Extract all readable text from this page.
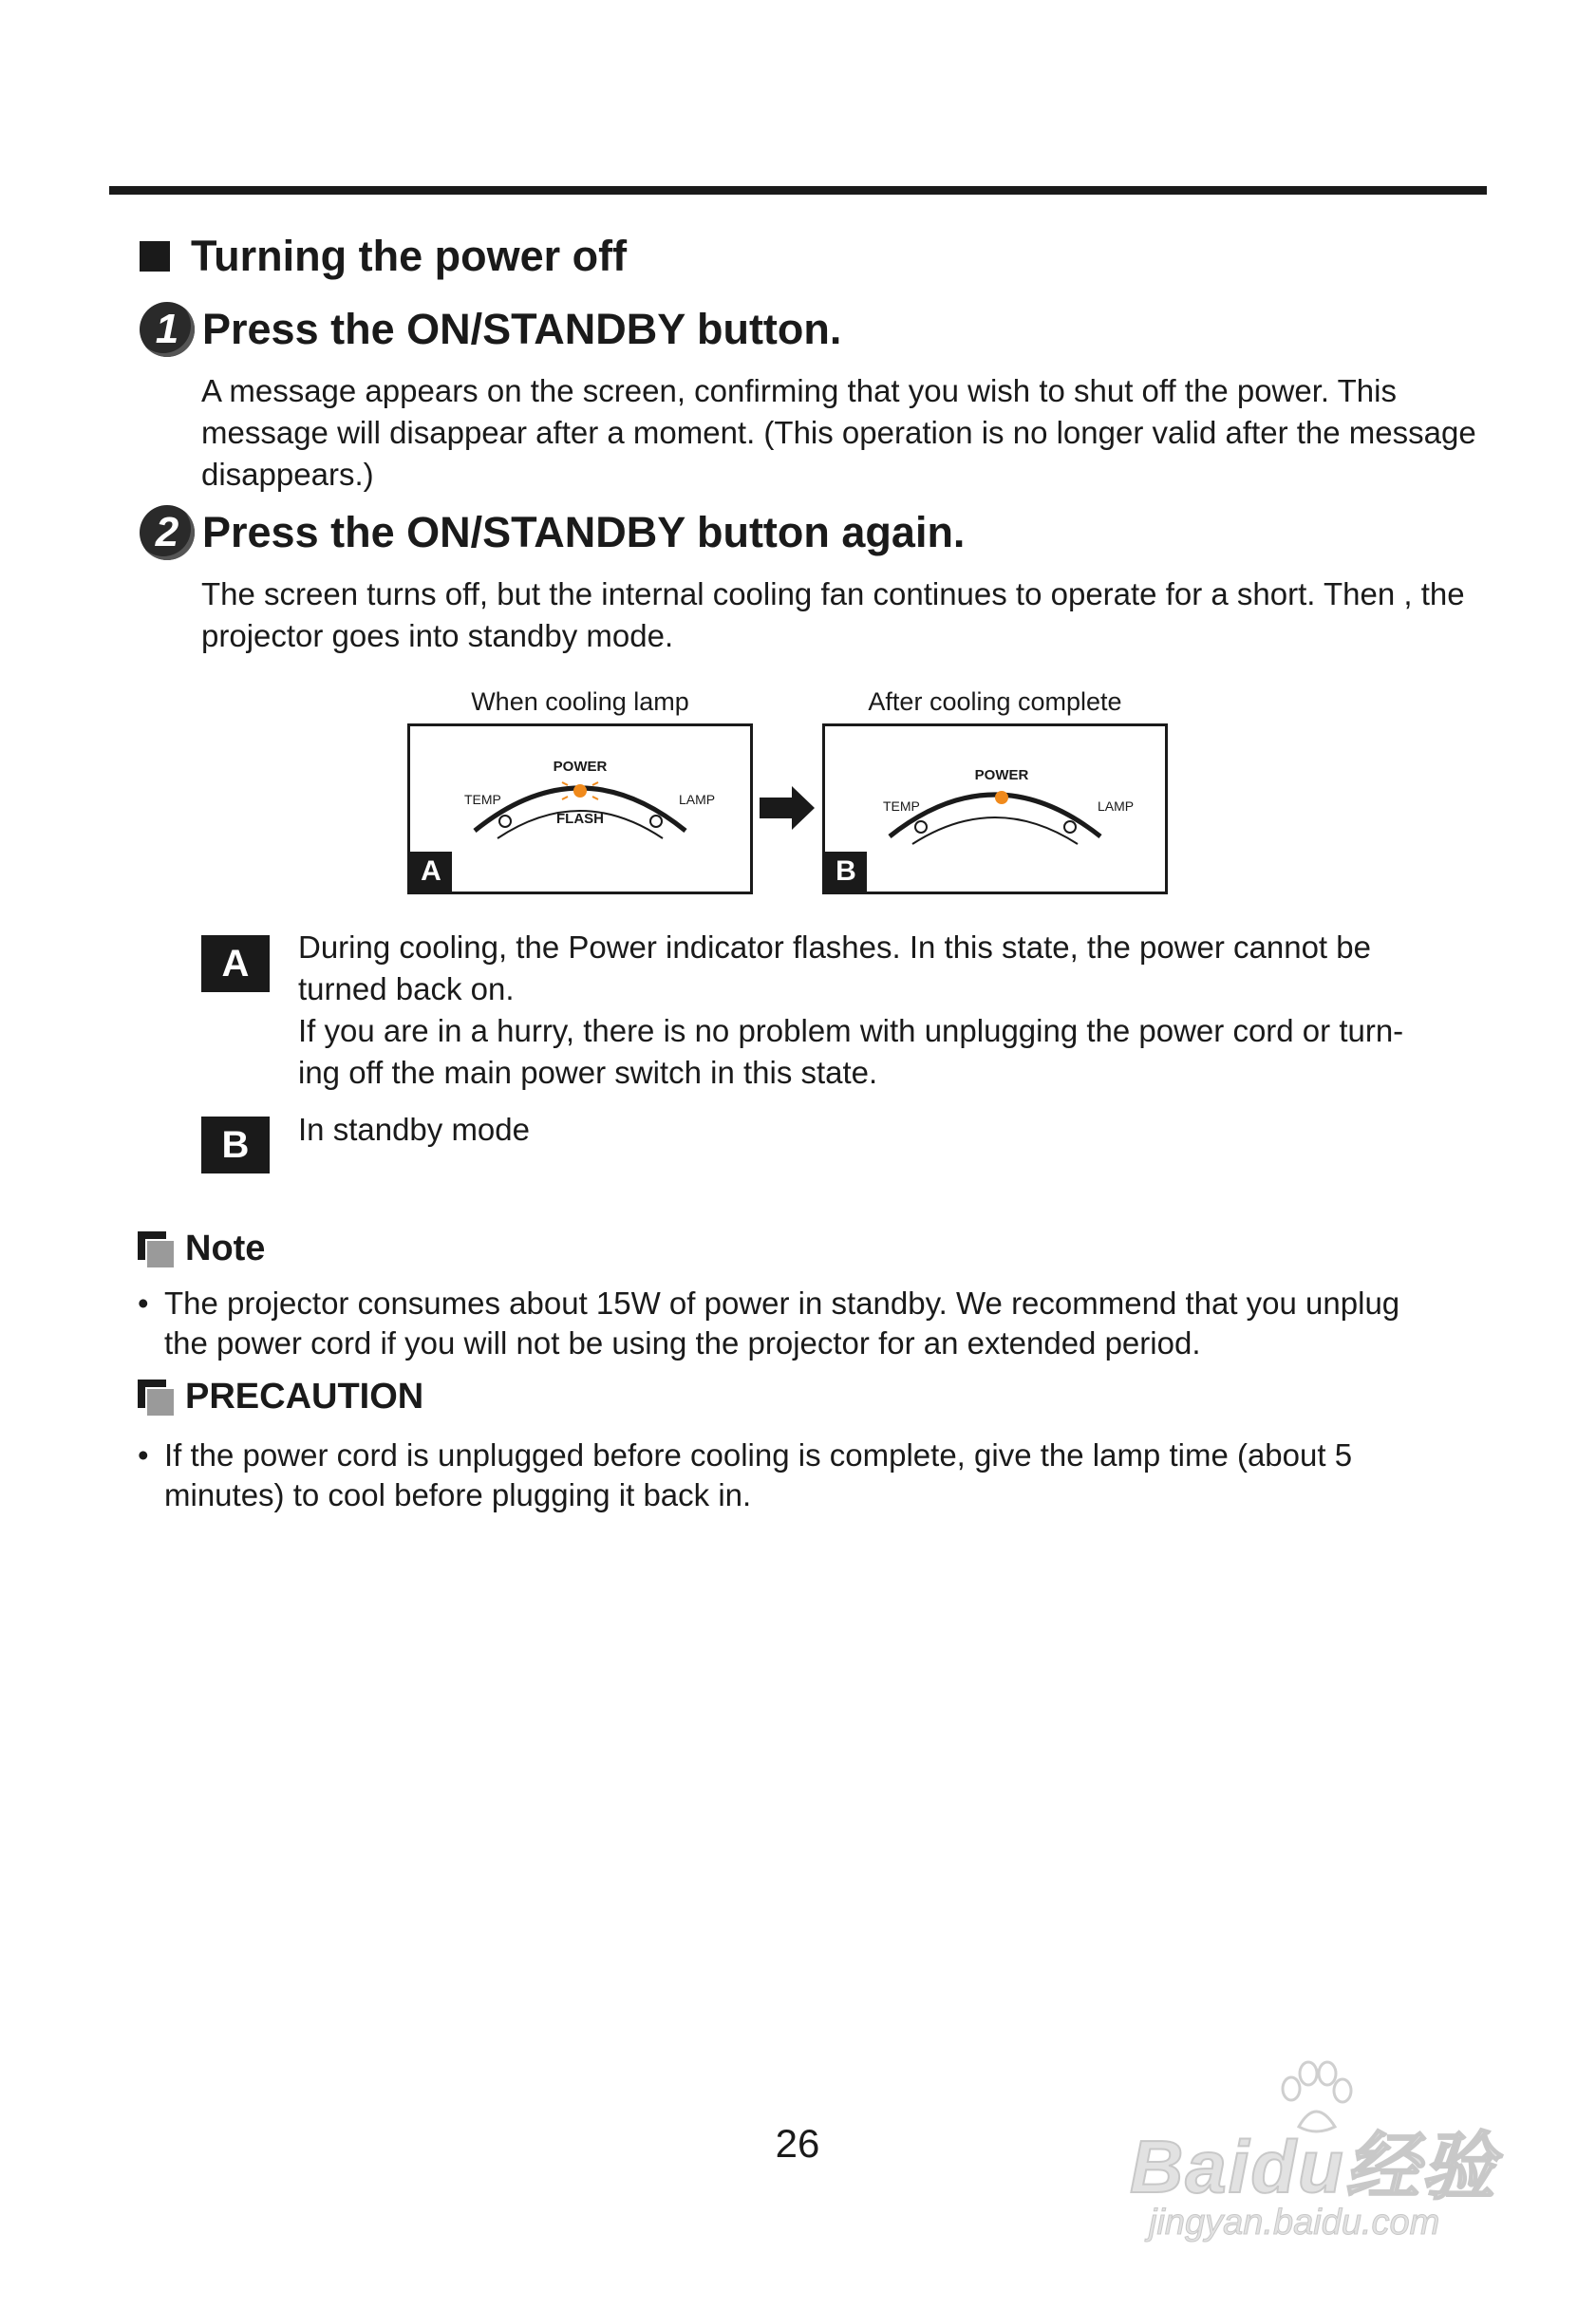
Turning the power off
1 Press the ON/STANDBY button.
A message appears on the screen, confirming that you wish to shut off the power. This message will disappear after a moment. (This operation is no longer valid after the message disappears.)
2 Press the ON/STANDBY button again.
The screen turns off, but the internal cooling fan continues to operate for a short. Then , the projector goes into standby mode.
When cooling lamp	After cooling complete
POWER
TEMP	LAMP
FLASH
A
POWER
TEMP	LAMP
B
A	During cooling, the Power indicator flashes. In this state, the power cannot be
turned back on.
If you are in a hurry, there is no problem with unplugging the power cord or turn-
ing off the main power switch in this state.
B	In standby mode
Note
• The projector consumes about 15W of power in standby. We recommend that you unplug
the power cord if you will not be using the projector for an extended period.
PRECAUTION
• If the power cord is unplugged before cooling is complete, give the lamp time (about 5
minutes) to cool before plugging it back in.
26	Baidu经验
jingyan.baidu.com
